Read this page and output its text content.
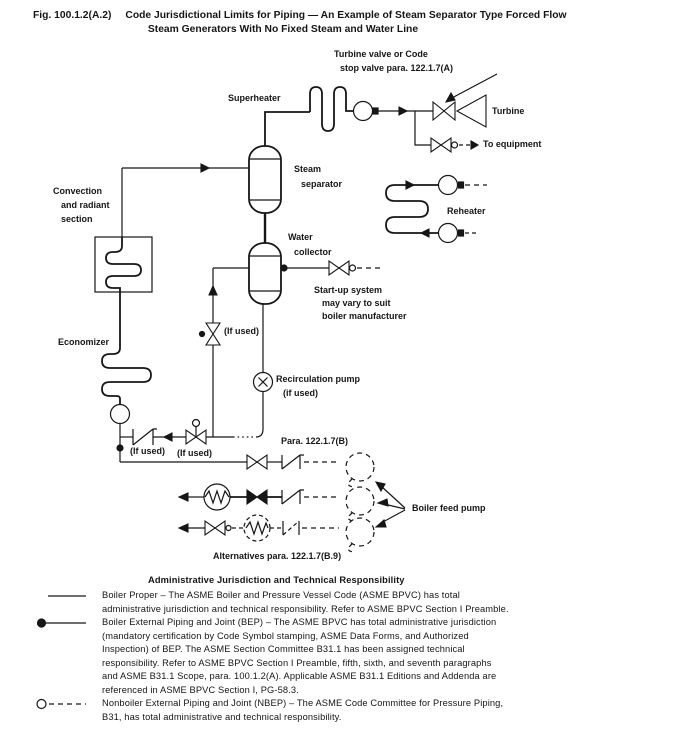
Fig. 100.1.2(A.2) Code Jurisdictional Limits for Piping — An Example of Steam Separator Type Forced Flow
Steam Generators With No Fixed Steam and Water Line
Turbine valve or Code
stop valve para. 122.1.7(A)
Superheater
Turbine
To equipment
Convection
and radiant
section
Steam
separator
Water
collector
Reheater
Start-up system
may vary to suit
boiler manufacturer
Economizer
(If used)
Recirculation pump
(if used)
Para. 122.1.7(B)
(If used) (If used)
Boiler feed pump
Alternatives para. 122.1.7(B.9)
Administrative Jurisdiction and Technical Responsibility
Boiler Proper – The ASME Boiler and Pressure Vessel Code (ASME BPVC) has total
administrative jurisdiction and technical responsibility. Refer to ASME BPVC Section I Preamble.
Boiler External Piping and Joint (BEP) – The ASME BPVC has total administrative jurisdiction
(mandatory certification by Code Symbol stamping, ASME Data Forms, and Authorized
Inspection) of BEP. The ASME Section Committee B31.1 has been assigned technical
responsibility. Refer to ASME BPVC Section I Preamble, fifth, sixth, and seventh paragraphs
and ASME B31.1 Scope, para. 100.1.2(A). Applicable ASME B31.1 Editions and Addenda are
referenced in ASME BPVC Section I, PG-58.3.
Nonboiler External Piping and Joint (NBEP) – The ASME Code Committee for Pressure Piping,
B31, has total administrative and technical responsibility.
